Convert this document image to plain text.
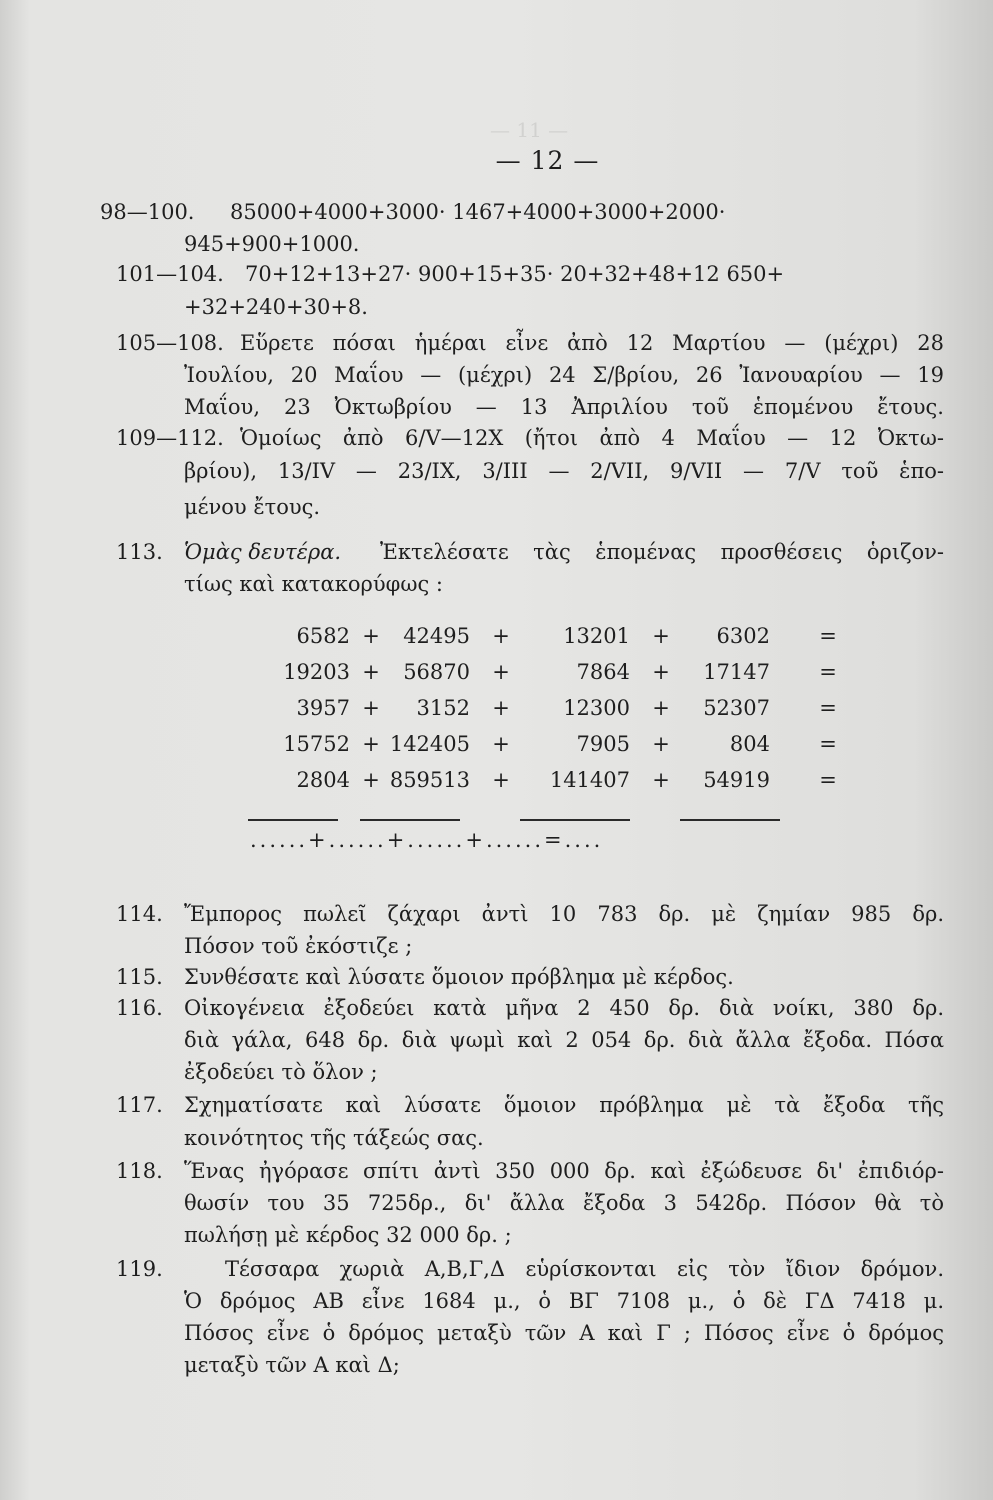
— 11 —
— 12 —
98—100. 85000+4000+3000· 1467+4000+3000+2000·
945+900+1000.
101—104. 70+12+13+27· 900+15+35· 20+32+48+12 650+
+32+240+30+8.
105—108. Εὕρετε πόσαι ἡμέραι εἶνε ἀπὸ 12 Μαρτίου — (μέχρι) 28
Ἰουλίου, 20 Μαΐου — (μέχρι) 24 Σ/βρίου, 26 Ἰανουαρίου — 19
Μαΐου, 23 Ὀκτωβρίου — 13 Ἀπριλίου τοῦ ἑπομένου ἔτους.
109—112. Ὁμοίως ἀπὸ 6/V—12X (ἤτοι ἀπὸ 4 Μαΐου — 12 Ὀκτω-
βρίου), 13/IV — 23/IX, 3/III — 2/VII, 9/VII — 7/V τοῦ ἑπο-
μένου ἔτους.
113. Ὁμὰς δευτέρα. Ἐκτελέσατε τὰς ἑπομένας προσθέσεις ὁριζον-
τίως καὶ κατακορύφως :
6582 +	42495 +	13201 +	6302	=
19203 +	56870 +	7864 +	17147	=
3957 +	3152 +	12300 +	52307	=
15752 + 142405 +	7905 +	804	=
2804 + 859513 +	141407 +	54919	=
......+......+......+......=....
114. Ἔμπορος πωλεῖ ζάχαρι ἀντὶ 10 783 δρ. μὲ ζημίαν 985 δρ.
Πόσον τοῦ ἐκόστιζε ;
115. Συνθέσατε καὶ λύσατε ὅμοιον πρόβλημα μὲ κέρδος.
116. Οἰκογένεια ἐξοδεύει κατὰ μῆνα 2 450 δρ. διὰ νοίκι, 380 δρ.
διὰ γάλα, 648 δρ. διὰ ψωμὶ καὶ 2 054 δρ. διὰ ἄλλα ἔξοδα. Πόσα
ἐξοδεύει τὸ ὅλον ;
117. Σχηματίσατε καὶ λύσατε ὅμοιον πρόβλημα μὲ τὰ ἔξοδα τῆς
κοινότητος τῆς τάξεώς σας.
118. Ἕνας ἠγόρασε σπίτι ἀντὶ 350 000 δρ. καὶ ἐξώδευσε δι' ἐπιδιόρ-
θωσίν του 35 725δρ., δι' ἄλλα ἔξοδα 3 542δρ. Πόσον θὰ τὸ
πωλήσῃ μὲ κέρδος 32 000 δρ. ;
119.	Τέσσαρα χωριὰ Α,Β,Γ,Δ εὑρίσκονται εἰς τὸν ἴδιον δρόμον.
Ὁ δρόμος ΑΒ εἶνε 1684 μ., ὁ ΒΓ 7108 μ., ὁ δὲ ΓΔ 7418 μ.
Πόσος εἶνε ὁ δρόμος μεταξὺ τῶν Α καὶ Γ ; Πόσος εἶνε ὁ δρόμος
μεταξὺ τῶν Α καὶ Δ;
